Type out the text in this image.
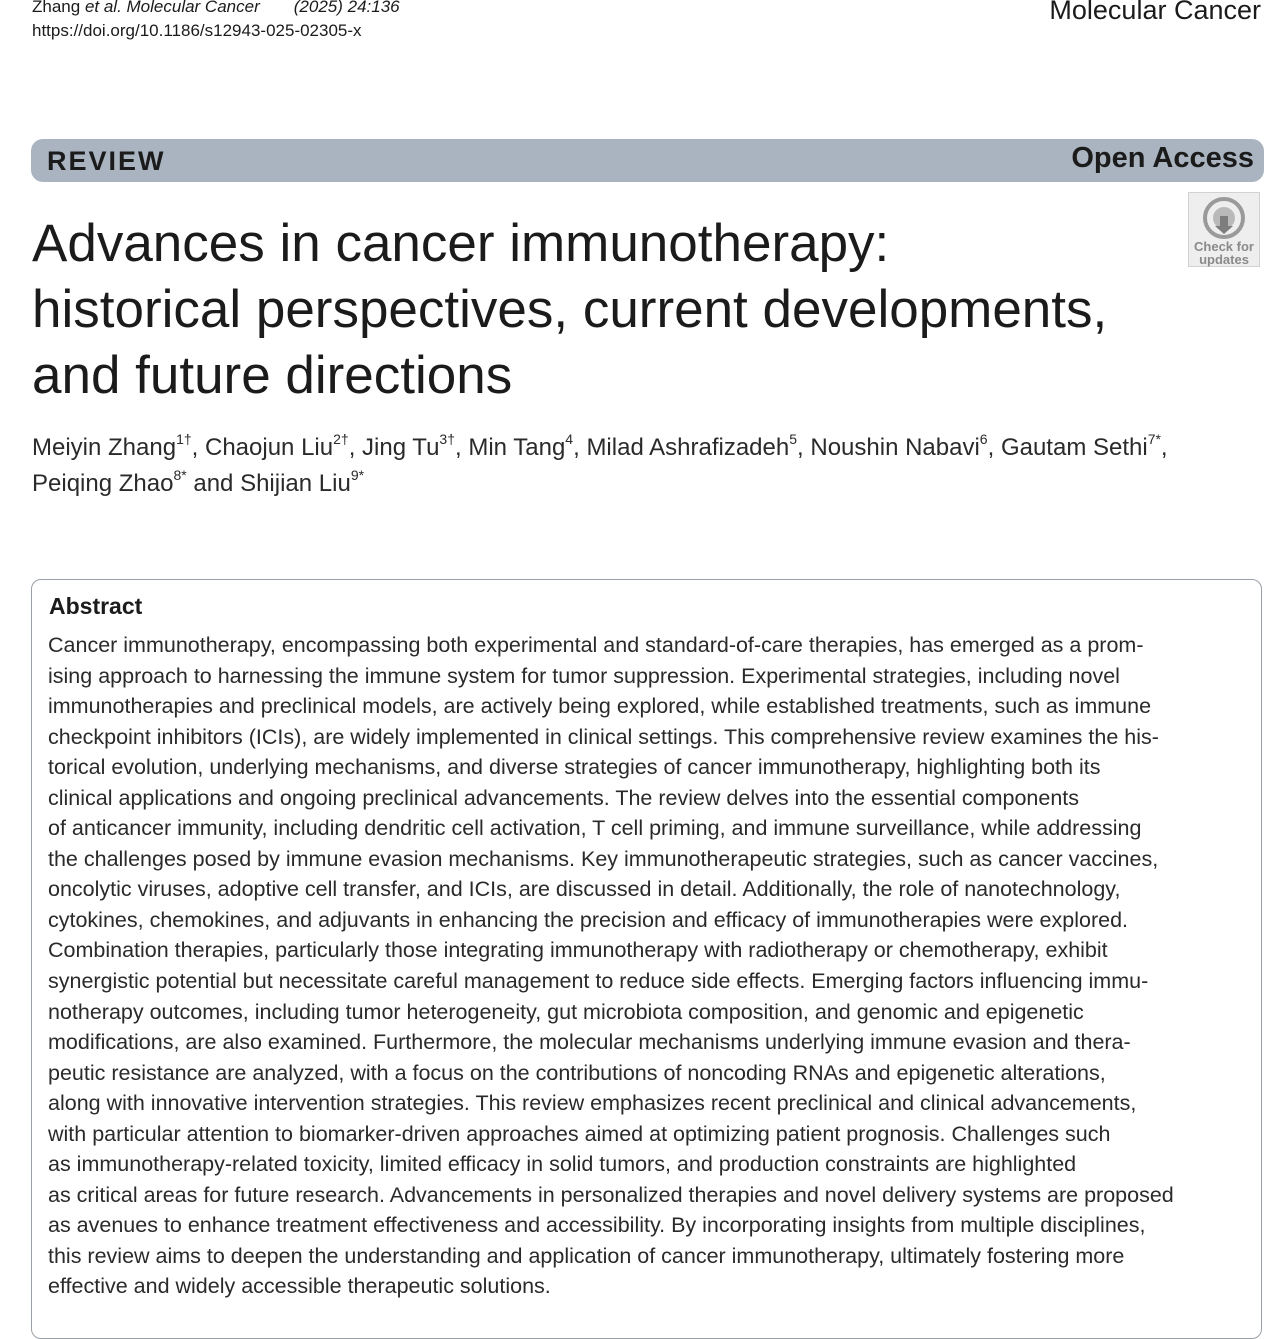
Zhang et al. Molecular Cancer (2025) 24:136
https://doi.org/10.1186/s12943-025-02305-x
Molecular Cancer
REVIEW	Open Access
Check for
updates
Advances in cancer immunotherapy:
historical perspectives, current developments,
and future directions
Meiyin Zhang$^{1\dagger}$, Chaojun Liu$^{2\dagger}$, Jing $Tu^{3\dagger}$, Min Tang$^4$, Milad Ashrafizadeh$^5$, Noushin Nabavi$^6$, Gautam Sethi$^{7*}$,
Peiqing Zhao$^{8*}$ and Shijian Liu$^{9*}$
Abstract
Cancer immunotherapy, encompassing both experimental and standard-of-care therapies, has emerged as a prom-
ising approach to harnessing the immune system for tumor suppression. Experimental strategies, including novel
immunotherapies and preclinical models, are actively being explored, while established treatments, such as immune
checkpoint inhibitors (ICIs), are widely implemented in clinical settings. This comprehensive review examines the his-
torical evolution, underlying mechanisms, and diverse strategies of cancer immunotherapy, highlighting both its
clinical applications and ongoing preclinical advancements. The review delves into the essential components
of anticancer immunity, including dendritic cell activation, T cell priming, and immune surveillance, while addressing
the challenges posed by immune evasion mechanisms. Key immunotherapeutic strategies, such as cancer vaccines,
oncolytic viruses, adoptive cell transfer, and ICIs, are discussed in detail. Additionally, the role of nanotechnology,
cytokines, chemokines, and adjuvants in enhancing the precision and efficacy of immunotherapies were explored.
Combination therapies, particularly those integrating immunotherapy with radiotherapy or chemotherapy, exhibit
synergistic potential but necessitate careful management to reduce side effects. Emerging factors influencing immu-
notherapy outcomes, including tumor heterogeneity, gut microbiota composition, and genomic and epigenetic
modifications, are also examined. Furthermore, the molecular mechanisms underlying immune evasion and thera-
peutic resistance are analyzed, with a focus on the contributions of noncoding RNAs and epigenetic alterations,
along with innovative intervention strategies. This review emphasizes recent preclinical and clinical advancements,
with particular attention to biomarker-driven approaches aimed at optimizing patient prognosis. Challenges such
as immunotherapy-related toxicity, limited efficacy in solid tumors, and production constraints are highlighted
as critical areas for future research. Advancements in personalized therapies and novel delivery systems are proposed
as avenues to enhance treatment effectiveness and accessibility. By incorporating insights from multiple disciplines,
this review aims to deepen the understanding and application of cancer immunotherapy, ultimately fostering more
effective and widely accessible therapeutic solutions.
